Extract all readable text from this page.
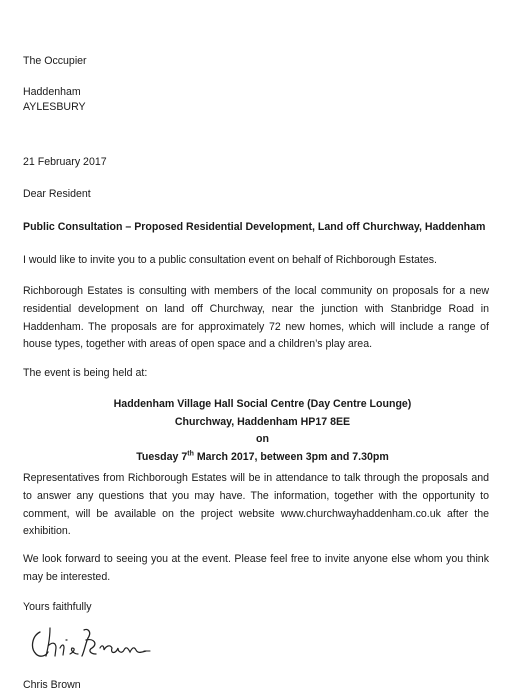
The Occupier
Haddenham
AYLESBURY
21 February 2017
Dear Resident
Public Consultation – Proposed Residential Development, Land off Churchway, Haddenham
I would like to invite you to a public consultation event on behalf of Richborough Estates.
Richborough Estates is consulting with members of the local community on proposals for a new residential development on land off Churchway, near the junction with Stanbridge Road in Haddenham. The proposals are for approximately 72 new homes, which will include a range of house types, together with areas of open space and a children’s play area.
The event is being held at:
Haddenham Village Hall Social Centre (Day Centre Lounge)
Churchway, Haddenham HP17 8EE
on
Tuesday 7th March 2017, between 3pm and 7.30pm
Representatives from Richborough Estates will be in attendance to talk through the proposals and to answer any questions that you may have. The information, together with the opportunity to comment, will be available on the project website www.churchwayhaddenham.co.uk after the exhibition.
We look forward to seeing you at the event. Please feel free to invite anyone else whom you think may be interested.
Yours faithfully
Chris Brown
